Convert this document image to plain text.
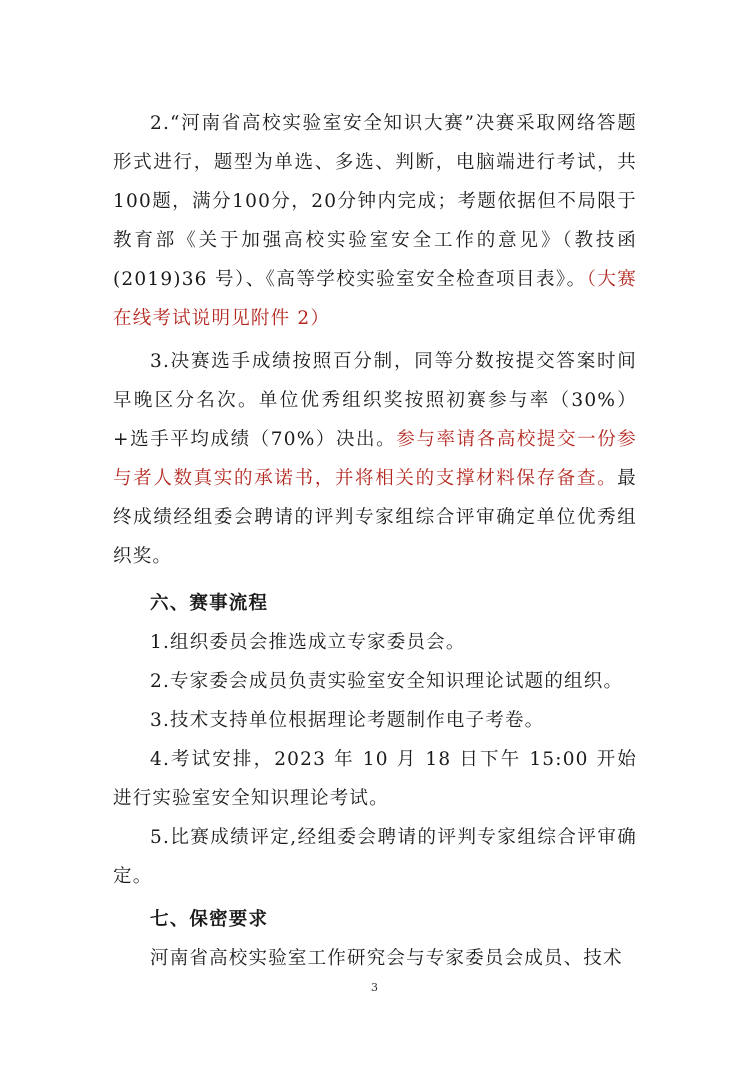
2.“河南省高校实验室安全知识大赛”决赛采取网络答题形式进行，题型为单选、多选、判断，电脑端进行考试，共100题，满分100分，20分钟内完成；考题依据但不局限于教育部《关于加强高校实验室安全工作的意见》（教技函(2019)36 号）、《高等学校实验室安全检查项目表》。（大赛在线考试说明见附件 2）

3.决赛选手成绩按照百分制，同等分数按提交答案时间早晚区分名次。单位优秀组织奖按照初赛参与率（30%）+选手平均成绩（70%）决出。参与率请各高校提交一份参与者人数真实的承诺书，并将相关的支撑材料保存备查。最终成绩经组委会聘请的评判专家组综合评审确定单位优秀组织奖。

六、赛事流程

1.组织委员会推选成立专家委员会。

2.专家委会成员负责实验室安全知识理论试题的组织。

3.技术支持单位根据理论考题制作电子考卷。

4.考试安排，2023 年 10 月 18 日下午 15:00 开始进行实验室安全知识理论考试。

5.比赛成绩评定,经组委会聘请的评判专家组综合评审确定。

七、保密要求

河南省高校实验室工作研究会与专家委员会成员、技术

3
